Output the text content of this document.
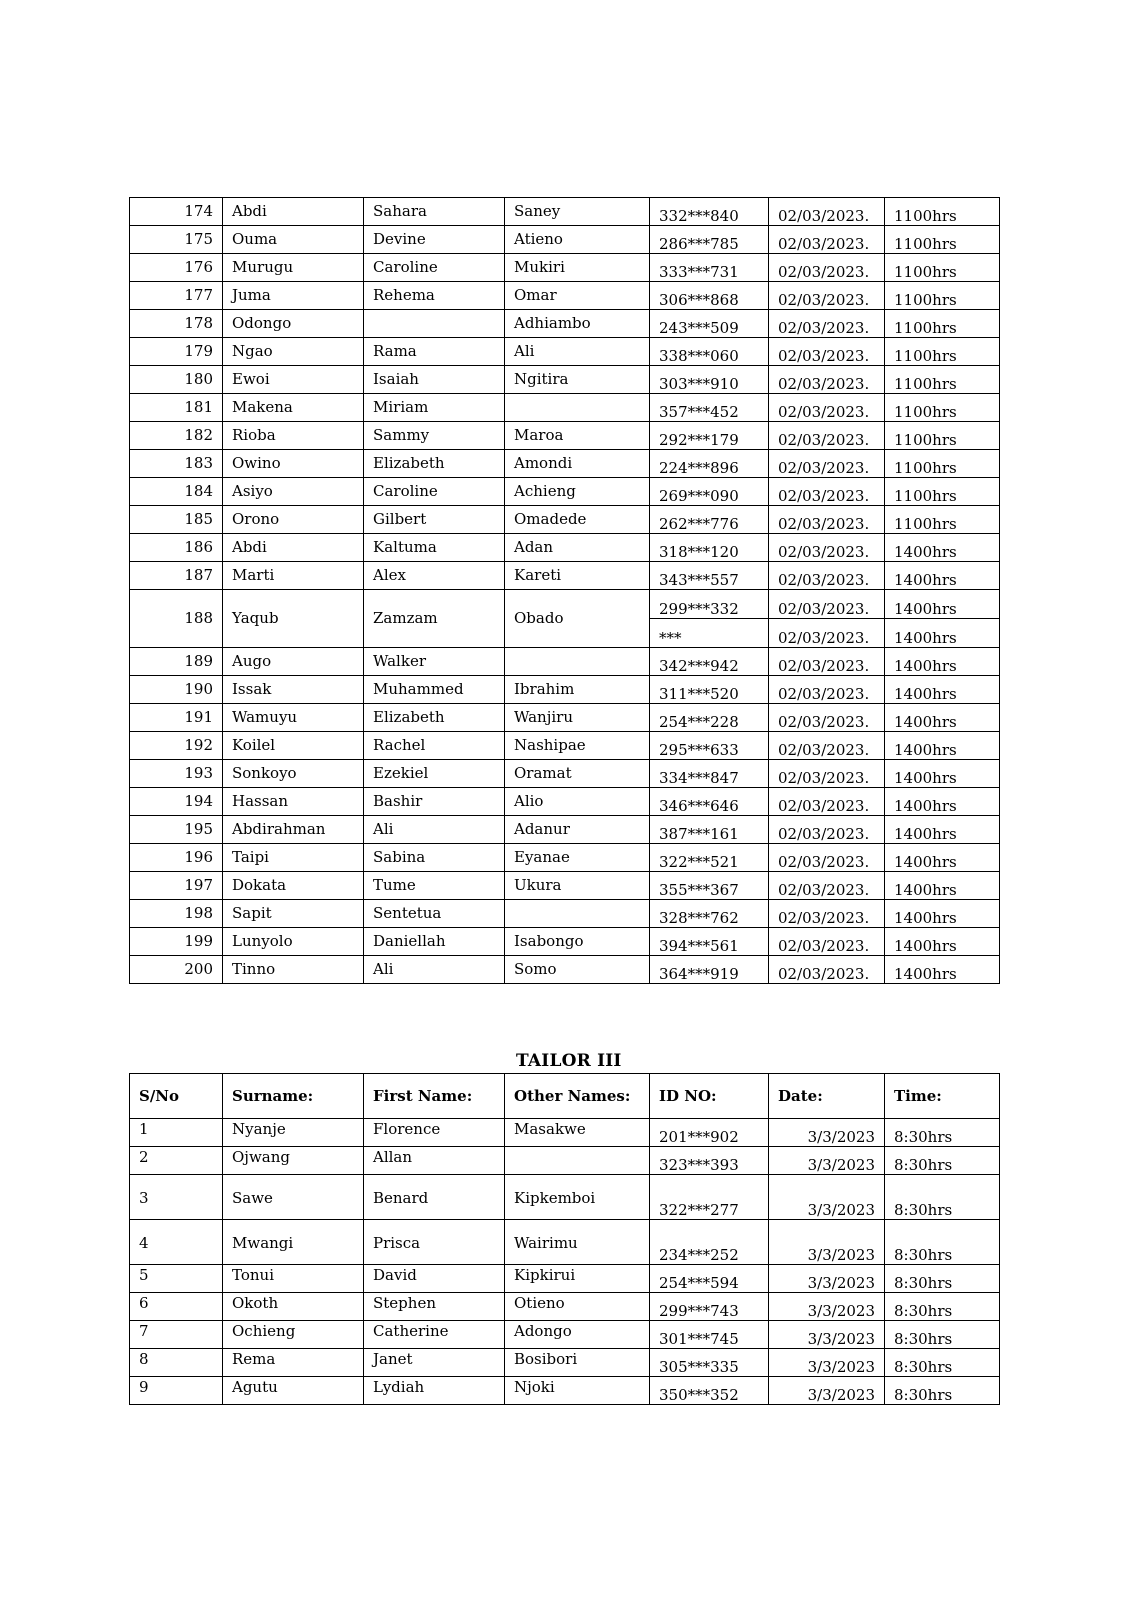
174	Abdi	Sahara	Saney	332***840	02/03/2023.	1100hrs
175	Ouma	Devine	Atieno	286***785	02/03/2023.	1100hrs
176	Murugu	Caroline	Mukiri	333***731	02/03/2023.	1100hrs
177	Juma	Rehema	Omar	306***868	02/03/2023.	1100hrs
178	Odongo		Adhiambo	243***509	02/03/2023.	1100hrs
179	Ngao	Rama	Ali	338***060	02/03/2023.	1100hrs
180	Ewoi	Isaiah	Ngitira	303***910	02/03/2023.	1100hrs
181	Makena	Miriam		357***452	02/03/2023.	1100hrs
182	Rioba	Sammy	Maroa	292***179	02/03/2023.	1100hrs
183	Owino	Elizabeth	Amondi	224***896	02/03/2023.	1100hrs
184	Asiyo	Caroline	Achieng	269***090	02/03/2023.	1100hrs
185	Orono	Gilbert	Omadede	262***776	02/03/2023.	1100hrs
186	Abdi	Kaltuma	Adan	318***120	02/03/2023.	1400hrs
187	Marti	Alex	Kareti	343***557	02/03/2023.	1400hrs
188	Yaqub	Zamzam	Obado	299***332	02/03/2023.	1400hrs
				***	02/03/2023.	1400hrs
189	Augo	Walker		342***942	02/03/2023.	1400hrs
190	Issak	Muhammed	Ibrahim	311***520	02/03/2023.	1400hrs
191	Wamuyu	Elizabeth	Wanjiru	254***228	02/03/2023.	1400hrs
192	Koilel	Rachel	Nashipae	295***633	02/03/2023.	1400hrs
193	Sonkoyo	Ezekiel	Oramat	334***847	02/03/2023.	1400hrs
194	Hassan	Bashir	Alio	346***646	02/03/2023.	1400hrs
195	Abdirahman	Ali	Adanur	387***161	02/03/2023.	1400hrs
196	Taipi	Sabina	Eyanae	322***521	02/03/2023.	1400hrs
197	Dokata	Tume	Ukura	355***367	02/03/2023.	1400hrs
198	Sapit	Sentetua		328***762	02/03/2023.	1400hrs
199	Lunyolo	Daniellah	Isabongo	394***561	02/03/2023.	1400hrs
200	Tinno	Ali	Somo	364***919	02/03/2023.	1400hrs
TAILOR III
S/No	Surname:	First Name:	Other Names:	ID NO:	Date:	Time:
1	Nyanje	Florence	Masakwe	201***902	3/3/2023	8:30hrs
2	Ojwang	Allan		323***393	3/3/2023	8:30hrs
3	Sawe	Benard	Kipkemboi	322***277	3/3/2023	8:30hrs
4	Mwangi	Prisca	Wairimu	234***252	3/3/2023	8:30hrs
5	Tonui	David	Kipkirui	254***594	3/3/2023	8:30hrs
6	Okoth	Stephen	Otieno	299***743	3/3/2023	8:30hrs
7	Ochieng	Catherine	Adongo	301***745	3/3/2023	8:30hrs
8	Rema	Janet	Bosibori	305***335	3/3/2023	8:30hrs
9	Agutu	Lydiah	Njoki	350***352	3/3/2023	8:30hrs
